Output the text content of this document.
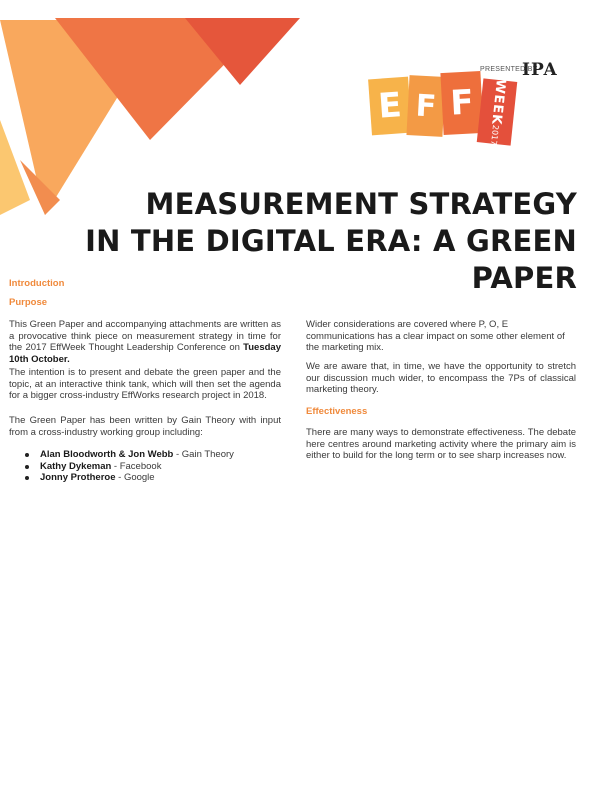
PRESENTED BY
IPA
E F F WEEK
2017
MEASUREMENT STRATEGY
IN THE DIGITAL ERA: A GREEN PAPER
Introduction
Purpose

This Green Paper and accompanying attachments are written as a provocative think piece on measurement strategy in time for the 2017 EffWeek Thought Leadership Conference on Tuesday 10th October.

The intention is to present and debate the green paper and the topic, at an interactive think tank, which will then set the agenda for a bigger cross-industry EffWorks research project in 2018.

The Green Paper has been written by Gain Theory with input from a cross-industry working group including:

Alan Bloodworth & Jon Webb - Gain Theory
Kathy Dykeman - Facebook
Jonny Protheroe - Google

Wider considerations are covered where P, O, E communications has a clear impact on some other element of the marketing mix.

We are aware that, in time, we have the opportunity to stretch our discussion much wider, to encompass the 7Ps of classical marketing theory.

Effectiveness

There are many ways to demonstrate effectiveness. The debate here centres around marketing activity where the primary aim is either to build for the long term or to see sharp increases now.
